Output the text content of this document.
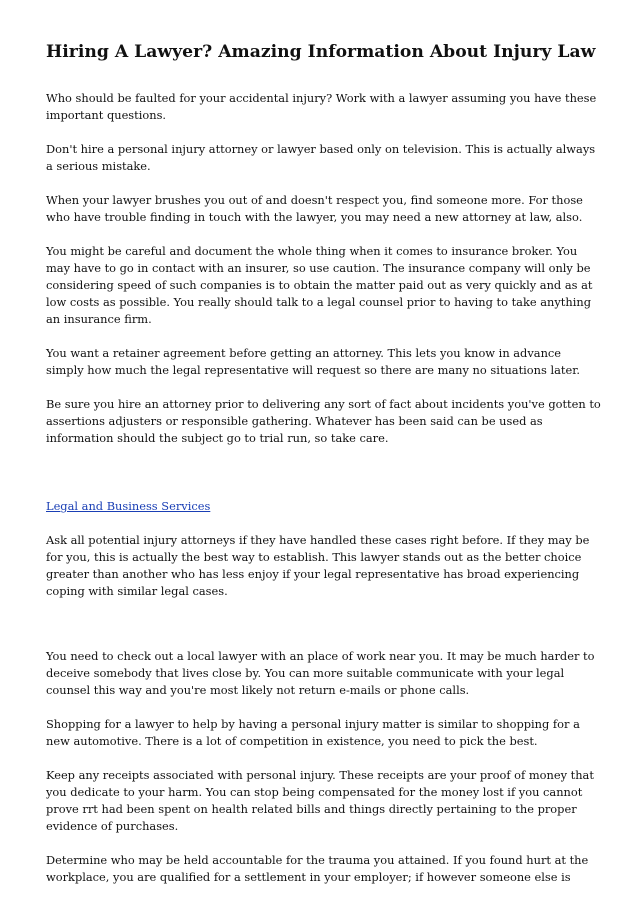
Hiring A Lawyer? Amazing Information About Injury Law

Who should be faulted for your accidental injury? Work with a lawyer assuming you have these important questions.

Don't hire a personal injury attorney or lawyer based only on television. This is actually always a serious mistake.

When your lawyer brushes you out of and doesn't respect you, find someone more. For those who have trouble finding in touch with the lawyer, you may need a new attorney at law, also.

You might be careful and document the whole thing when it comes to insurance broker. You may have to go in contact with an insurer, so use caution. The insurance company will only be considering speed of such companies is to obtain the matter paid out as very quickly and as at low costs as possible. You really should talk to a legal counsel prior to having to take anything an insurance firm.

You want a retainer agreement before getting an attorney. This lets you know in advance simply how much the legal representative will request so there are many no situations later.

Be sure you hire an attorney prior to delivering any sort of fact about incidents you've gotten to assertions adjusters or responsible gathering. Whatever has been said can be used as information should the subject go to trial run, so take care.

Legal and Business Services

Ask all potential injury attorneys if they have handled these cases right before. If they may be for you, this is actually the best way to establish. This lawyer stands out as the better choice greater than another who has less enjoy if your legal representative has broad experiencing coping with similar legal cases.

You need to check out a local lawyer with an place of work near you. It may be much harder to deceive somebody that lives close by. You can more suitable communicate with your legal counsel this way and you're most likely not return e-mails or phone calls.

Shopping for a lawyer to help by having a personal injury matter is similar to shopping for a new automotive. There is a lot of competition in existence, you need to pick the best.

Keep any receipts associated with personal injury. These receipts are your proof of money that you dedicate to your harm. You can stop being compensated for the money lost if you cannot prove rrt had been spent on health related bills and things directly pertaining to the proper evidence of purchases.

Determine who may be held accountable for the trauma you attained. If you found hurt at the workplace, you are qualified for a settlement in your employer; if however someone else is
